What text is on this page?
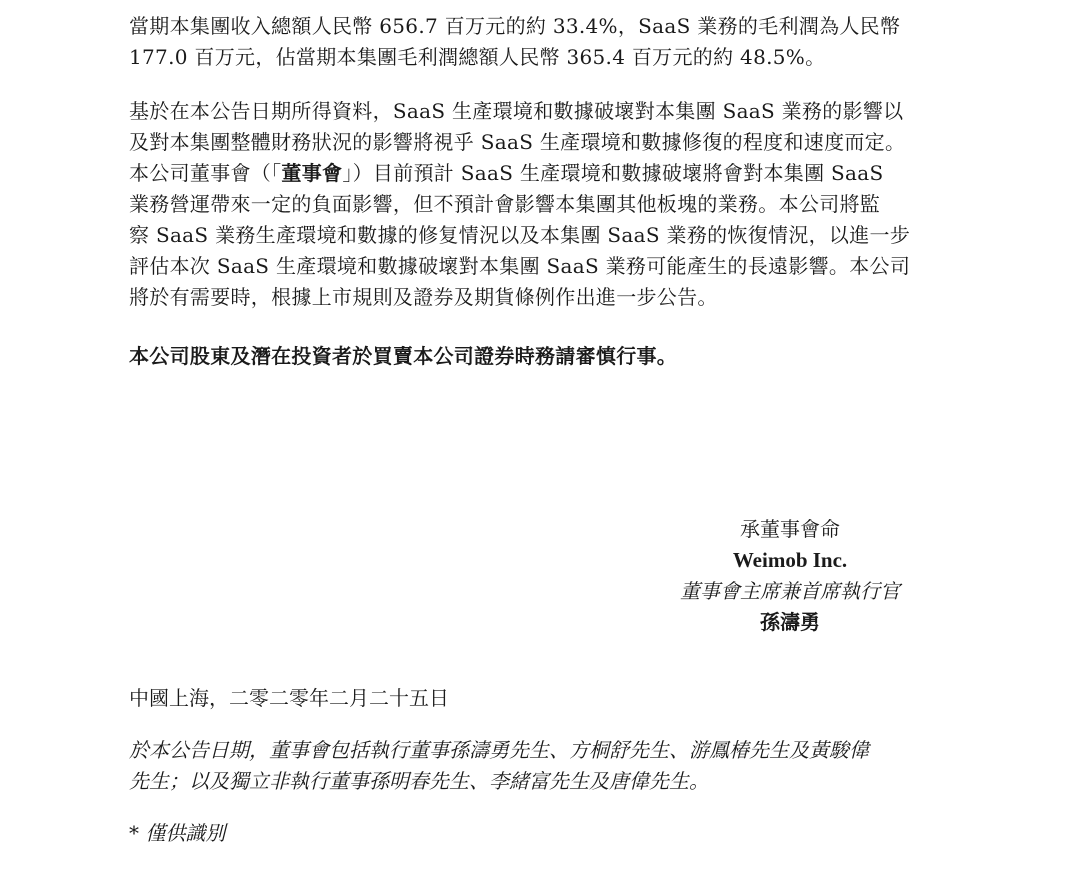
當期本集團收入總額人民幣 656.7 百万元的約 33.4%，SaaS 業務的毛利潤為人民幣
177.0 百万元，佔當期本集團毛利潤總額人民幣 365.4 百万元的約 48.5%。

基於在本公告日期所得資料，SaaS 生產環境和數據破壞對本集團 SaaS 業務的影響以
及對本集團整體財務狀況的影響將視乎 SaaS 生產環境和數據修復的程度和速度而定。
本公司董事會（「董事會」）目前預計 SaaS 生產環境和數據破壞將會對本集團 SaaS
業務營運帶來一定的負面影響，但不預計會影響本集團其他板塊的業務。本公司將監
察 SaaS 業務生產環境和數據的修复情況以及本集團 SaaS 業務的恢復情況，以進一步
評估本次 SaaS 生產環境和數據破壞對本集團 SaaS 業務可能產生的長遠影響。本公司
將於有需要時，根據上市規則及證券及期貨條例作出進一步公告。

本公司股東及潛在投資者於買賣本公司證券時務請審慎行事。

承董事會命
Weimob Inc.
董事會主席兼首席執行官
孫濤勇
中國上海，二零二零年二月二十五日
於本公告日期，董事會包括執行董事孫濤勇先生、方桐舒先生、游鳳椿先生及黃駿偉
先生；以及獨立非執行董事孫明春先生、李緒富先生及唐偉先生。
* 僅供識別
